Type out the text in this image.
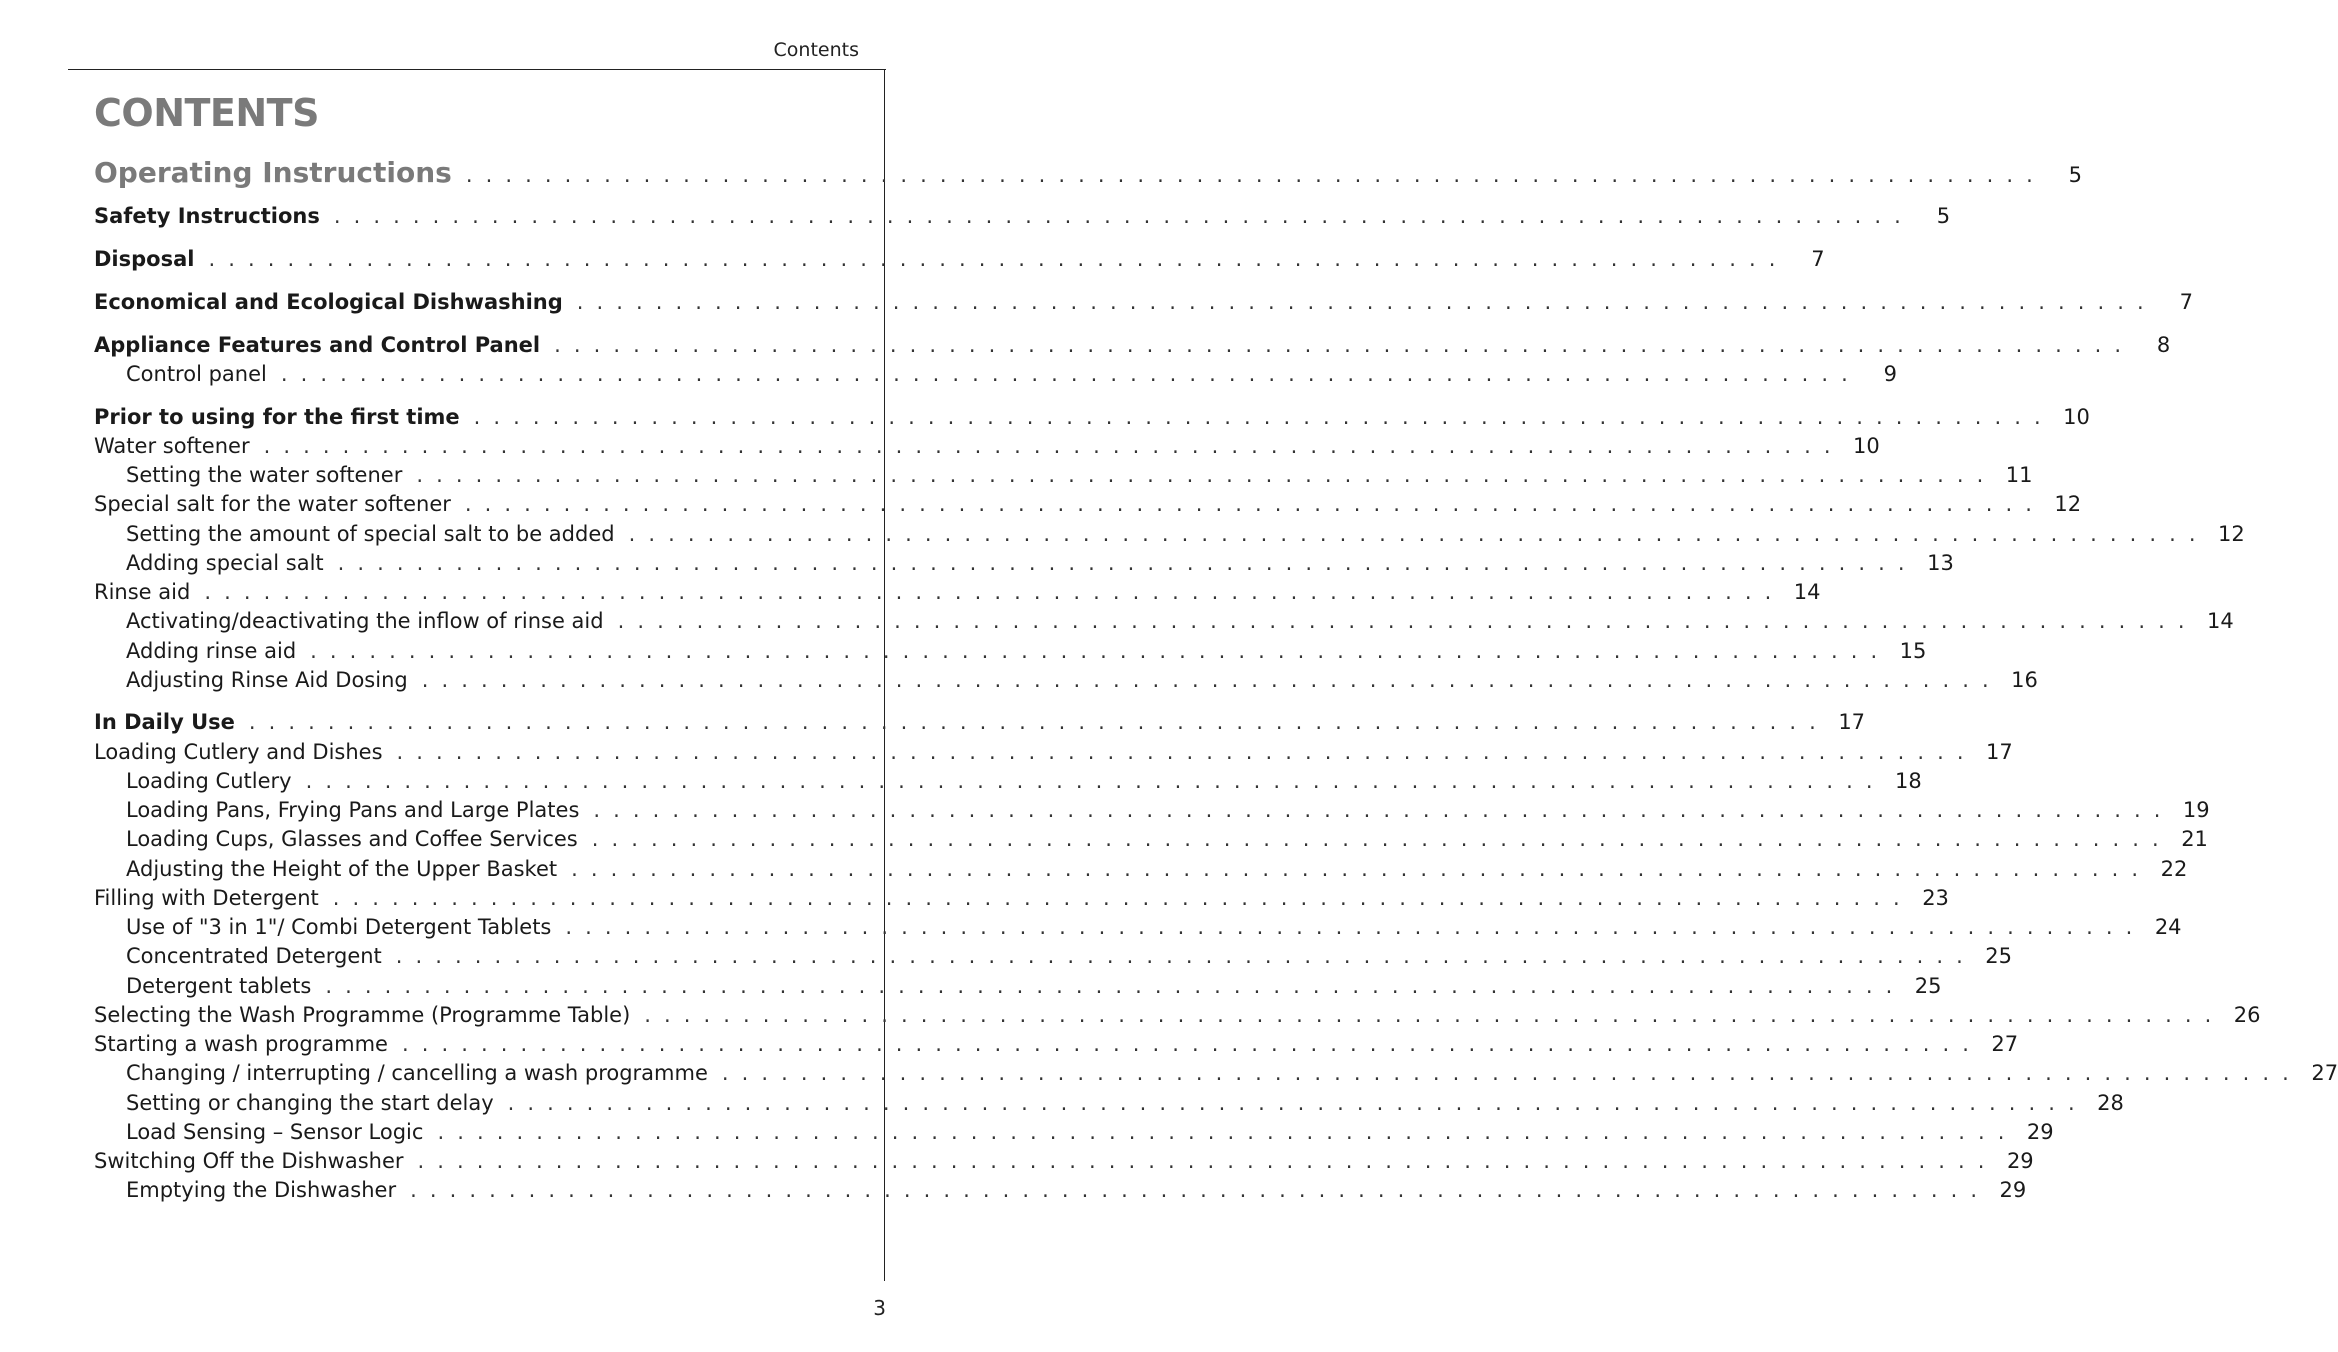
Contents
CONTENTS
Operating Instructions . . . . . . . . . . . . . . . . . . . . . . . . . . . . . . . . . . . . . . . . . . . . . . . . . . . . . . . . . . . . . . . . . . . . . . . . . . . . . . . .	5
Safety Instructions . . . . . . . . . . . . . . . . . . . . . . . . . . . . . . . . . . . . . . . . . . . . . . . . . . . . . . . . . . . . . . . . . . . . . . . . . . . . . . . .	5
Disposal . . . . . . . . . . . . . . . . . . . . . . . . . . . . . . . . . . . . . . . . . . . . . . . . . . . . . . . . . . . . . . . . . . . . . . . . . . . . . . . .	7
Economical and Ecological Dishwashing . . . . . . . . . . . . . . . . . . . . . . . . . . . . . . . . . . . . . . . . . . . . . . . . . . . . . . . . . . . . . . . . . . . . . . . . . . . . . . . .	7
Appliance Features and Control Panel . . . . . . . . . . . . . . . . . . . . . . . . . . . . . . . . . . . . . . . . . . . . . . . . . . . . . . . . . . . . . . . . . . . . . . . . . . . . . . . .	8
Control panel . . . . . . . . . . . . . . . . . . . . . . . . . . . . . . . . . . . . . . . . . . . . . . . . . . . . . . . . . . . . . . . . . . . . . . . . . . . . . . . .	9
Prior to using for the first time . . . . . . . . . . . . . . . . . . . . . . . . . . . . . . . . . . . . . . . . . . . . . . . . . . . . . . . . . . . . . . . . . . . . . . . . . . . . . . . . 10
Water softener . . . . . . . . . . . . . . . . . . . . . . . . . . . . . . . . . . . . . . . . . . . . . . . . . . . . . . . . . . . . . . . . . . . . . . . . . . . . . . . . 10
Setting the water softener . . . . . . . . . . . . . . . . . . . . . . . . . . . . . . . . . . . . . . . . . . . . . . . . . . . . . . . . . . . . . . . . . . . . . . . . . . . . . . . . 11
Special salt for the water softener . . . . . . . . . . . . . . . . . . . . . . . . . . . . . . . . . . . . . . . . . . . . . . . . . . . . . . . . . . . . . . . . . . . . . . . . . . . . . . . . 12
Setting the amount of special salt to be added . . . . . . . . . . . . . . . . . . . . . . . . . . . . . . . . . . . . . . . . . . . . . . . . . . . . . . . . . . . . . . . . . . . . . . . . . . . . . . . . 12
Adding special salt . . . . . . . . . . . . . . . . . . . . . . . . . . . . . . . . . . . . . . . . . . . . . . . . . . . . . . . . . . . . . . . . . . . . . . . . . . . . . . . . 13
Rinse aid . . . . . . . . . . . . . . . . . . . . . . . . . . . . . . . . . . . . . . . . . . . . . . . . . . . . . . . . . . . . . . . . . . . . . . . . . . . . . . . . 14
Activating/deactivating the inflow of rinse aid . . . . . . . . . . . . . . . . . . . . . . . . . . . . . . . . . . . . . . . . . . . . . . . . . . . . . . . . . . . . . . . . . . . . . . . . . . . . . . . . 14
Adding rinse aid . . . . . . . . . . . . . . . . . . . . . . . . . . . . . . . . . . . . . . . . . . . . . . . . . . . . . . . . . . . . . . . . . . . . . . . . . . . . . . . . 15
Adjusting Rinse Aid Dosing . . . . . . . . . . . . . . . . . . . . . . . . . . . . . . . . . . . . . . . . . . . . . . . . . . . . . . . . . . . . . . . . . . . . . . . . . . . . . . . . 16
In Daily Use . . . . . . . . . . . . . . . . . . . . . . . . . . . . . . . . . . . . . . . . . . . . . . . . . . . . . . . . . . . . . . . . . . . . . . . . . . . . . . . . 17
Loading Cutlery and Dishes . . . . . . . . . . . . . . . . . . . . . . . . . . . . . . . . . . . . . . . . . . . . . . . . . . . . . . . . . . . . . . . . . . . . . . . . . . . . . . . . 17
Loading Cutlery . . . . . . . . . . . . . . . . . . . . . . . . . . . . . . . . . . . . . . . . . . . . . . . . . . . . . . . . . . . . . . . . . . . . . . . . . . . . . . . . 18
Loading Pans, Frying Pans and Large Plates . . . . . . . . . . . . . . . . . . . . . . . . . . . . . . . . . . . . . . . . . . . . . . . . . . . . . . . . . . . . . . . . . . . . . . . . . . . . . . . . 19
Loading Cups, Glasses and Coffee Services . . . . . . . . . . . . . . . . . . . . . . . . . . . . . . . . . . . . . . . . . . . . . . . . . . . . . . . . . . . . . . . . . . . . . . . . . . . . . . . . 21
Adjusting the Height of the Upper Basket . . . . . . . . . . . . . . . . . . . . . . . . . . . . . . . . . . . . . . . . . . . . . . . . . . . . . . . . . . . . . . . . . . . . . . . . . . . . . . . . 22
Filling with Detergent . . . . . . . . . . . . . . . . . . . . . . . . . . . . . . . . . . . . . . . . . . . . . . . . . . . . . . . . . . . . . . . . . . . . . . . . . . . . . . . . 23
Use of "3 in 1"/ Combi Detergent Tablets . . . . . . . . . . . . . . . . . . . . . . . . . . . . . . . . . . . . . . . . . . . . . . . . . . . . . . . . . . . . . . . . . . . . . . . . . . . . . . . . 24
Concentrated Detergent . . . . . . . . . . . . . . . . . . . . . . . . . . . . . . . . . . . . . . . . . . . . . . . . . . . . . . . . . . . . . . . . . . . . . . . . . . . . . . . . 25
Detergent tablets . . . . . . . . . . . . . . . . . . . . . . . . . . . . . . . . . . . . . . . . . . . . . . . . . . . . . . . . . . . . . . . . . . . . . . . . . . . . . . . . 25
Selecting the Wash Programme (Programme Table) . . . . . . . . . . . . . . . . . . . . . . . . . . . . . . . . . . . . . . . . . . . . . . . . . . . . . . . . . . . . . . . . . . . . . . . . . . . . . . . . 26
Starting a wash programme . . . . . . . . . . . . . . . . . . . . . . . . . . . . . . . . . . . . . . . . . . . . . . . . . . . . . . . . . . . . . . . . . . . . . . . . . . . . . . . . 27
Changing / interrupting / cancelling a wash programme . . . . . . . . . . . . . . . . . . . . . . . . . . . . . . . . . . . . . . . . . . . . . . . . . . . . . . . . . . . . . . . . . . . . . . . . . . . . . . . . 27
Setting or changing the start delay . . . . . . . . . . . . . . . . . . . . . . . . . . . . . . . . . . . . . . . . . . . . . . . . . . . . . . . . . . . . . . . . . . . . . . . . . . . . . . . . 28
Load Sensing – Sensor Logic . . . . . . . . . . . . . . . . . . . . . . . . . . . . . . . . . . . . . . . . . . . . . . . . . . . . . . . . . . . . . . . . . . . . . . . . . . . . . . . . 29
Switching Off the Dishwasher . . . . . . . . . . . . . . . . . . . . . . . . . . . . . . . . . . . . . . . . . . . . . . . . . . . . . . . . . . . . . . . . . . . . . . . . . . . . . . . . 29
Emptying the Dishwasher . . . . . . . . . . . . . . . . . . . . . . . . . . . . . . . . . . . . . . . . . . . . . . . . . . . . . . . . . . . . . . . . . . . . . . . . . . . . . . . . 29
3
